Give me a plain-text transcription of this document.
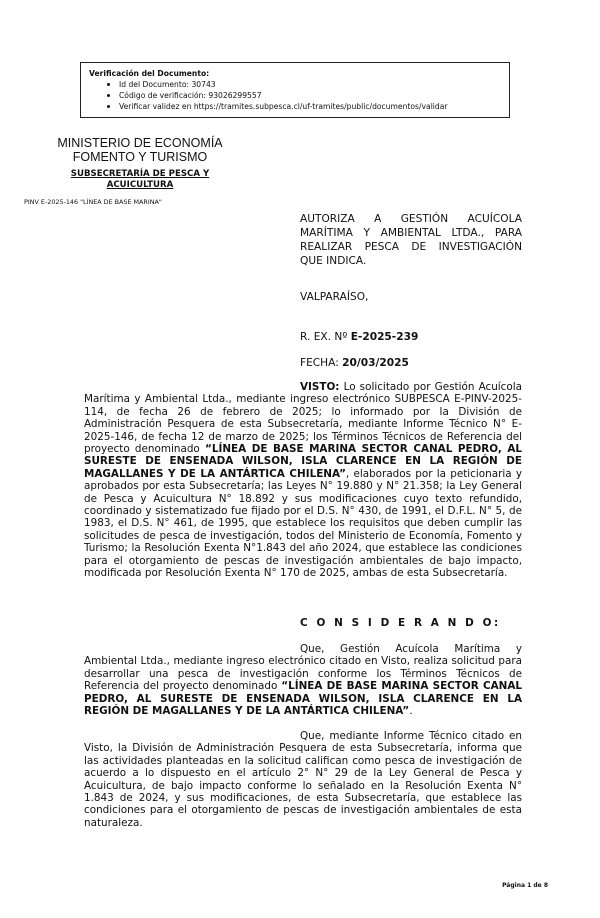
Verificación del Documento:
Id del Documento: 30743
Código de verificación: 93026299557
Verificar validez en https://tramites.subpesca.cl/uf-tramites/public/documentos/validar
MINISTERIO DE ECONOMÍA
FOMENTO Y TURISMO
SUBSECRETARÍA DE PESCA Y
ACUICULTURA
PINV E-2025-146 "LÍNEA DE BASE MARINA"
AUTORIZA A GESTIÓN ACUÍCOLA
MARÍTIMA Y AMBIENTAL LTDA., PARA
REALIZAR PESCA DE INVESTIGACIÓN
QUE INDICA.
VALPARAÍSO,
R. EX. Nº E-2025-239
FECHA: 20/03/2025
VISTO: Lo solicitado por Gestión Acuícola Marítima y Ambiental Ltda., mediante ingreso electrónico SUBPESCA E-PINV-2025-114, de fecha 26 de febrero de 2025; lo informado por la División de Administración Pesquera de esta Subsecretaría, mediante Informe Técnico N° E-2025-146, de fecha 12 de marzo de 2025; los Términos Técnicos de Referencia del proyecto denominado “LÍNEA DE BASE MARINA SECTOR CANAL PEDRO, AL SURESTE DE ENSENADA WILSON, ISLA CLARENCE EN LA REGIÓN DE MAGALLANES Y DE LA ANTÁRTICA CHILENA”, elaborados por la peticionaria y aprobados por esta Subsecretaría; las Leyes N° 19.880 y N° 21.358; la Ley General de Pesca y Acuicultura N° 18.892 y sus modificaciones cuyo texto refundido, coordinado y sistematizado fue fijado por el D.S. N° 430, de 1991, el D.F.L. N° 5, de 1983, el D.S. N° 461, de 1995, que establece los requisitos que deben cumplir las solicitudes de pesca de investigación, todos del Ministerio de Economía, Fomento y Turismo; la Resolución Exenta N°1.843 del año 2024, que establece las condiciones para el otorgamiento de pescas de investigación ambientales de bajo impacto, modificada por Resolución Exenta N° 170 de 2025, ambas de esta Subsecretaría.
C O N S I D E R A N D O:
Que, Gestión Acuícola Marítima y Ambiental Ltda., mediante ingreso electrónico citado en Visto, realiza solicitud para desarrollar una pesca de investigación conforme los Términos Técnicos de Referencia del proyecto denominado “LÍNEA DE BASE MARINA SECTOR CANAL PEDRO, AL SURESTE DE ENSENADA WILSON, ISLA CLARENCE EN LA REGIÓN DE MAGALLANES Y DE LA ANTÁRTICA CHILENA”.
Que, mediante Informe Técnico citado en Visto, la División de Administración Pesquera de esta Subsecretaría, informa que las actividades planteadas en la solicitud califican como pesca de investigación de acuerdo a lo dispuesto en el artículo 2° N° 29 de la Ley General de Pesca y Acuicultura, de bajo impacto conforme lo señalado en la Resolución Exenta N° 1.843 de 2024, y sus modificaciones, de esta Subsecretaría, que establece las condiciones para el otorgamiento de pescas de investigación ambientales de esta naturaleza.
Página 1 de 8
